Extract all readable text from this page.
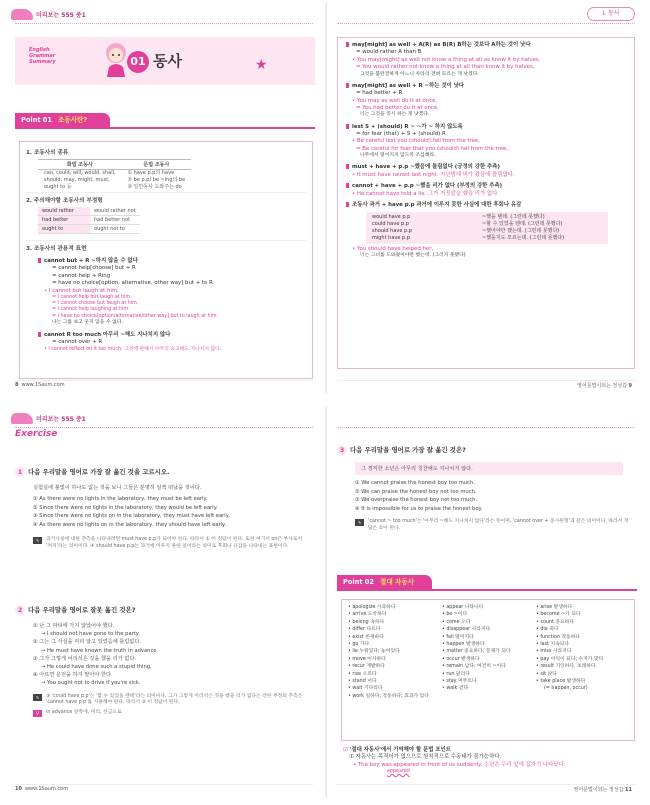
미리보는 555 중1
English
Grammar
Summary	01 동사	★
Point 01 조동사란?
1. 조동사의 종류
화법 조동사	문법 조동사
can, could, will, would, shall,	① have p.p의 have
should, may, might, must,	② be p.p/ be ~ing의 be
ought to 등	③ 일반동사 도와주는 do
2. 주의해야할 조동사의 부정형
would rather	would rather not
had better	had better not
ought to	ought not to
3. 조동사의 관용적 표현
cannot but + R ~하지 않을 수 없다
= cannot help[choose] but + R
= cannot help + Ring
= have no choice[option, alternative, other way] but + to R
• I cannot but laugh at him.
= I cannot help but laugh at him.
= I cannot choose but laugh at him.
= I cannot help laughing at him.
= I have no choice[option/alternative/other way] but to laugh at him.
나는 그를 보고 웃지 않을 수 없다.
cannot R too much 아무리 ~해도 지나치지 않다
= cannot over + R
• I cannot reflect on it too much. 그것에 관해서 아무리 숙고해도 지나치지 않다.
8 www.1Saum.com
Ⅰ. 동사
may[might] as well + A(R) as B(R) B하는 것보다 A하는 것이 낫다
= would rather A than B
• You may[might] as well not know a thing at all as know it by halves,
= You would rather not know a thing at all than know it by halves,
그것을 불완전하게 아느니 차라리 전혀 모르는 게 낫겠다.
may[might] as well + R ~하는 것이 낫다
= had better + R
• You may as well do it at once,
= You had better do it at once,
너는 그것을 즉시 하는 게 낫겠다.
lest S + (should) R ~ ~가 ~ 하지 않도록
= for fear (that) + S + (should) R
• Be careful lest you (should) fall from the tree,
= Be careful for fear that you (should) fall from the tree,
나무에서 떨어지지 않도록 조심해라.
must + have + p.p ~했음에 틀림없다 (긍정의 강한 추측)
• It must have rained last night. 지난밤에 비가 왔음에 틀림없다.
cannot + have + p.p ~했을 리가 없다 (부정의 강한 추측)
• He cannot have told a lie. 그가 거짓말을 했을 리가 없다.
조동사 과거 + have p.p 과거에 이루지 못한 사실에 대한 후회나 유감
would have p.p	~했을 텐데. (그런데 못했다)
could have p.p	~할 수 있었을 텐데. (그런데 못했다)
should have p.p	~했어야만 했는데. (그런데 못했다)
might have p.p	~했을지도 모르는데. (그런데 못했다)
• You should have helped her,
너는 그녀를 도와줬어야만 했는데. (그러지 못했다)
영어문법이되는 정성갑 9
미리보는 555 중1
Exercise
1 다음 우리말을 영어로 가장 잘 옮긴 것을 고르시오.
실험실에 불빛이 하나도 없는 것을 보니 그들은 분명히 일찍 떠났을 것이다.
① As there were no lights in the laboratory, they must be left early.
② Since there were no lights in the laboratory, they would be left early.
③ Since there were no lights on in the laboratory, they must have left early.
④ As there were no lights on in the laboratory, they should have left early.
✎	과거사실에 대한 추측을 나타내려면 must have p.p가 되어야 한다. 따라서 ① 이 정답이 된다. 또한 여기서 on은 부사로서 '켜져'라는 의미이다. ④ should have p.p는 과거에 이루지 못한 일이라는 의미로 후회나 유감을 나타내는 표현이다.
2 다음 우리말을 영어로 잘못 옮긴 것은?
① 난 그 파티에 가지 않았어야 했다.
→ I should not have gone to the party.
② 그는 그 사실을 미리 알고 있었음에 틀림없다.
→ He must have known the truth in advance.
③ 그가 그렇게 어리석은 짓을 했을 리가 없다.
→ He could have done such a stupid thing.
④ 아르면 운전을 하지 말아야 한다.
→ You ought not to drive if you're sick.
✎	③ 'could have p.p'는 '할 수 있었을 텐데'라는 의미이다. 그가 그렇게 어리석은 짓을 했을 리가 없다는 강한 부정의 추측은 'cannot have p.p'를 사용해야 한다. 따라서 ③ 이 정답이 된다.
V	in advance 앞쪽에, 미리, 선금으로
10 www.1Saum.com
3 다음 우리말을 영어로 가장 잘 옮긴 것은?
그 정직한 소년은 아무리 칭찬해도 지나치지 않다.
① We cannot praise the honest boy too much.
② We can praise the honest boy not too much.
③ We overpraise the honest boy not too much.
④ It is impossible for us to praise the honest boy.
✎	'cannot ~ too much'는 '아무리 ~해도 지나치지 않다'라는 뜻이며, 'cannot over + 동사원형'과 같은 의미이다. 따라서 정답은 ①이 된다.
Point 02 절대 자동사
• apologize 사과하다
• arrive 도착하다
• belong 속하다
• differ 다르다
• exist 존재하다
• go 가다
• lie 누워있다; 놓여있다
• move 이사하다
• recur 재발하다
• rise 오르다
• stand 서다
• wait 기다리다
• work 일하다; 작동하다; 효과가 있다
• appear 나타나다
• be ~이다
• come 오다
• disappear 사라지다
• fall 떨어지다
• happen 발생하다
• matter 중요하다; 문제가 되다
• occur 발생하다
• remain 남다; 여전히 ~이다
• run 달리다
• stay 머무르다
• walk 걷다
• arise 발생하다
• become ~가 되다
• count 중요하다
• die 죽다
• function 작동하다
• last 지속되다
• miss 사라지다
• pay 이익이 되다; 수지가 맞다
• result 기인하다, 초래하다
• sit 앉다
• take place 발생하다
(= happen, occur)
☑ '절대 자동사'에서 기억해야 할 문법 포인트
① 자동사는 목적어가 없으므로 원칙적으로 수동태가 불가능하다.
• The boy was appeared in front of us suddenly. 소년은 우리 앞에 갑자기 나타났다.
appeared
영어문법이되는 정성갑 11
